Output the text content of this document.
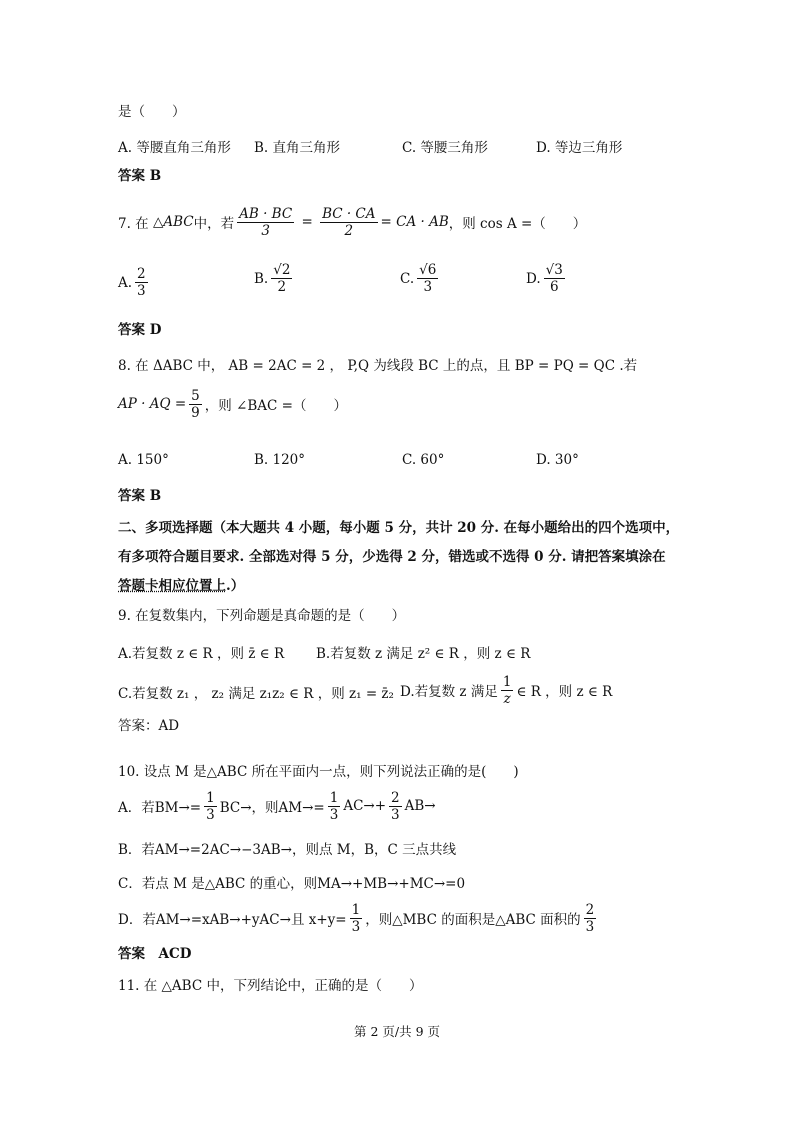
是（　　）
A. 等腰直角三角形 B. 直角三角形	C. 等腰三角形	D. 等边三角形
答案 B
7. 在
△ABC 中，若 $\frac{AB \cdot BC}{3} = \frac{BC \cdot CA}{2}$ = CA · AB ，则 cos A =（　　）
A. $\frac{2}{3}$	B. $\frac{√2}{2}$	C. $\frac{√6}{3}$	D. $\frac{√3}{6}$
答案 D
8. 在 ΔABC 中， AB = 2AC = 2 ， P,Q 为线段 BC 上的点，且 BP = PQ = QC .若
AP · AQ = $\frac{5}{9}$ ，则 ∠BAC =（　　）
A. 150°	B. 120°	C. 60°	D. 30°
答案 B
二、多项选择题（本大题共 4 小题，每小题 5 分，共计 20 分. 在每小题给出的四个选项中，
有多项符合题目要求. 全部选对得 5 分，少选得 2 分，错选或不选得 0 分. 请把答案填涂在
答题卡相应位置上.）
9. 在复数集内，下列命题是真命题的是（　　）
A.若复数 z ∈ R ，则 z̄ ∈ R B.若复数 z 满足 z² ∈ R ，则 z ∈ R
C.若复数 z₁ ， z₂ 满足 z₁z₂ ∈ R ，则 z₁ = z̄₂ D.若复数 z 满足 $\frac{1}{z}$ ∈ R ，则 z ∈ R
答案：AD
10. 设点 M 是△ABC 所在平面内一点，则下列说法正确的是(　　)
A．若$BM\to= \frac{1}{3} BC\to$，则$AM\to= \frac{1}{3} AC\to+ \frac{2}{3} AB\to$
B．若AM→=2AC→−3AB→，则点 M，B，C 三点共线
C．若点 M 是△ABC 的重心，则MA→+MB→+MC→=0
D．若AM→=xAB→+yAC→且 $x+y= \frac{1}{3}$ ，则△MBC 的面积是△ABC 面积的 $\frac{2}{3}$
答案　ACD
11. 在 △ABC 中，下列结论中，正确的是（　　）
第 2 页/共 9 页
